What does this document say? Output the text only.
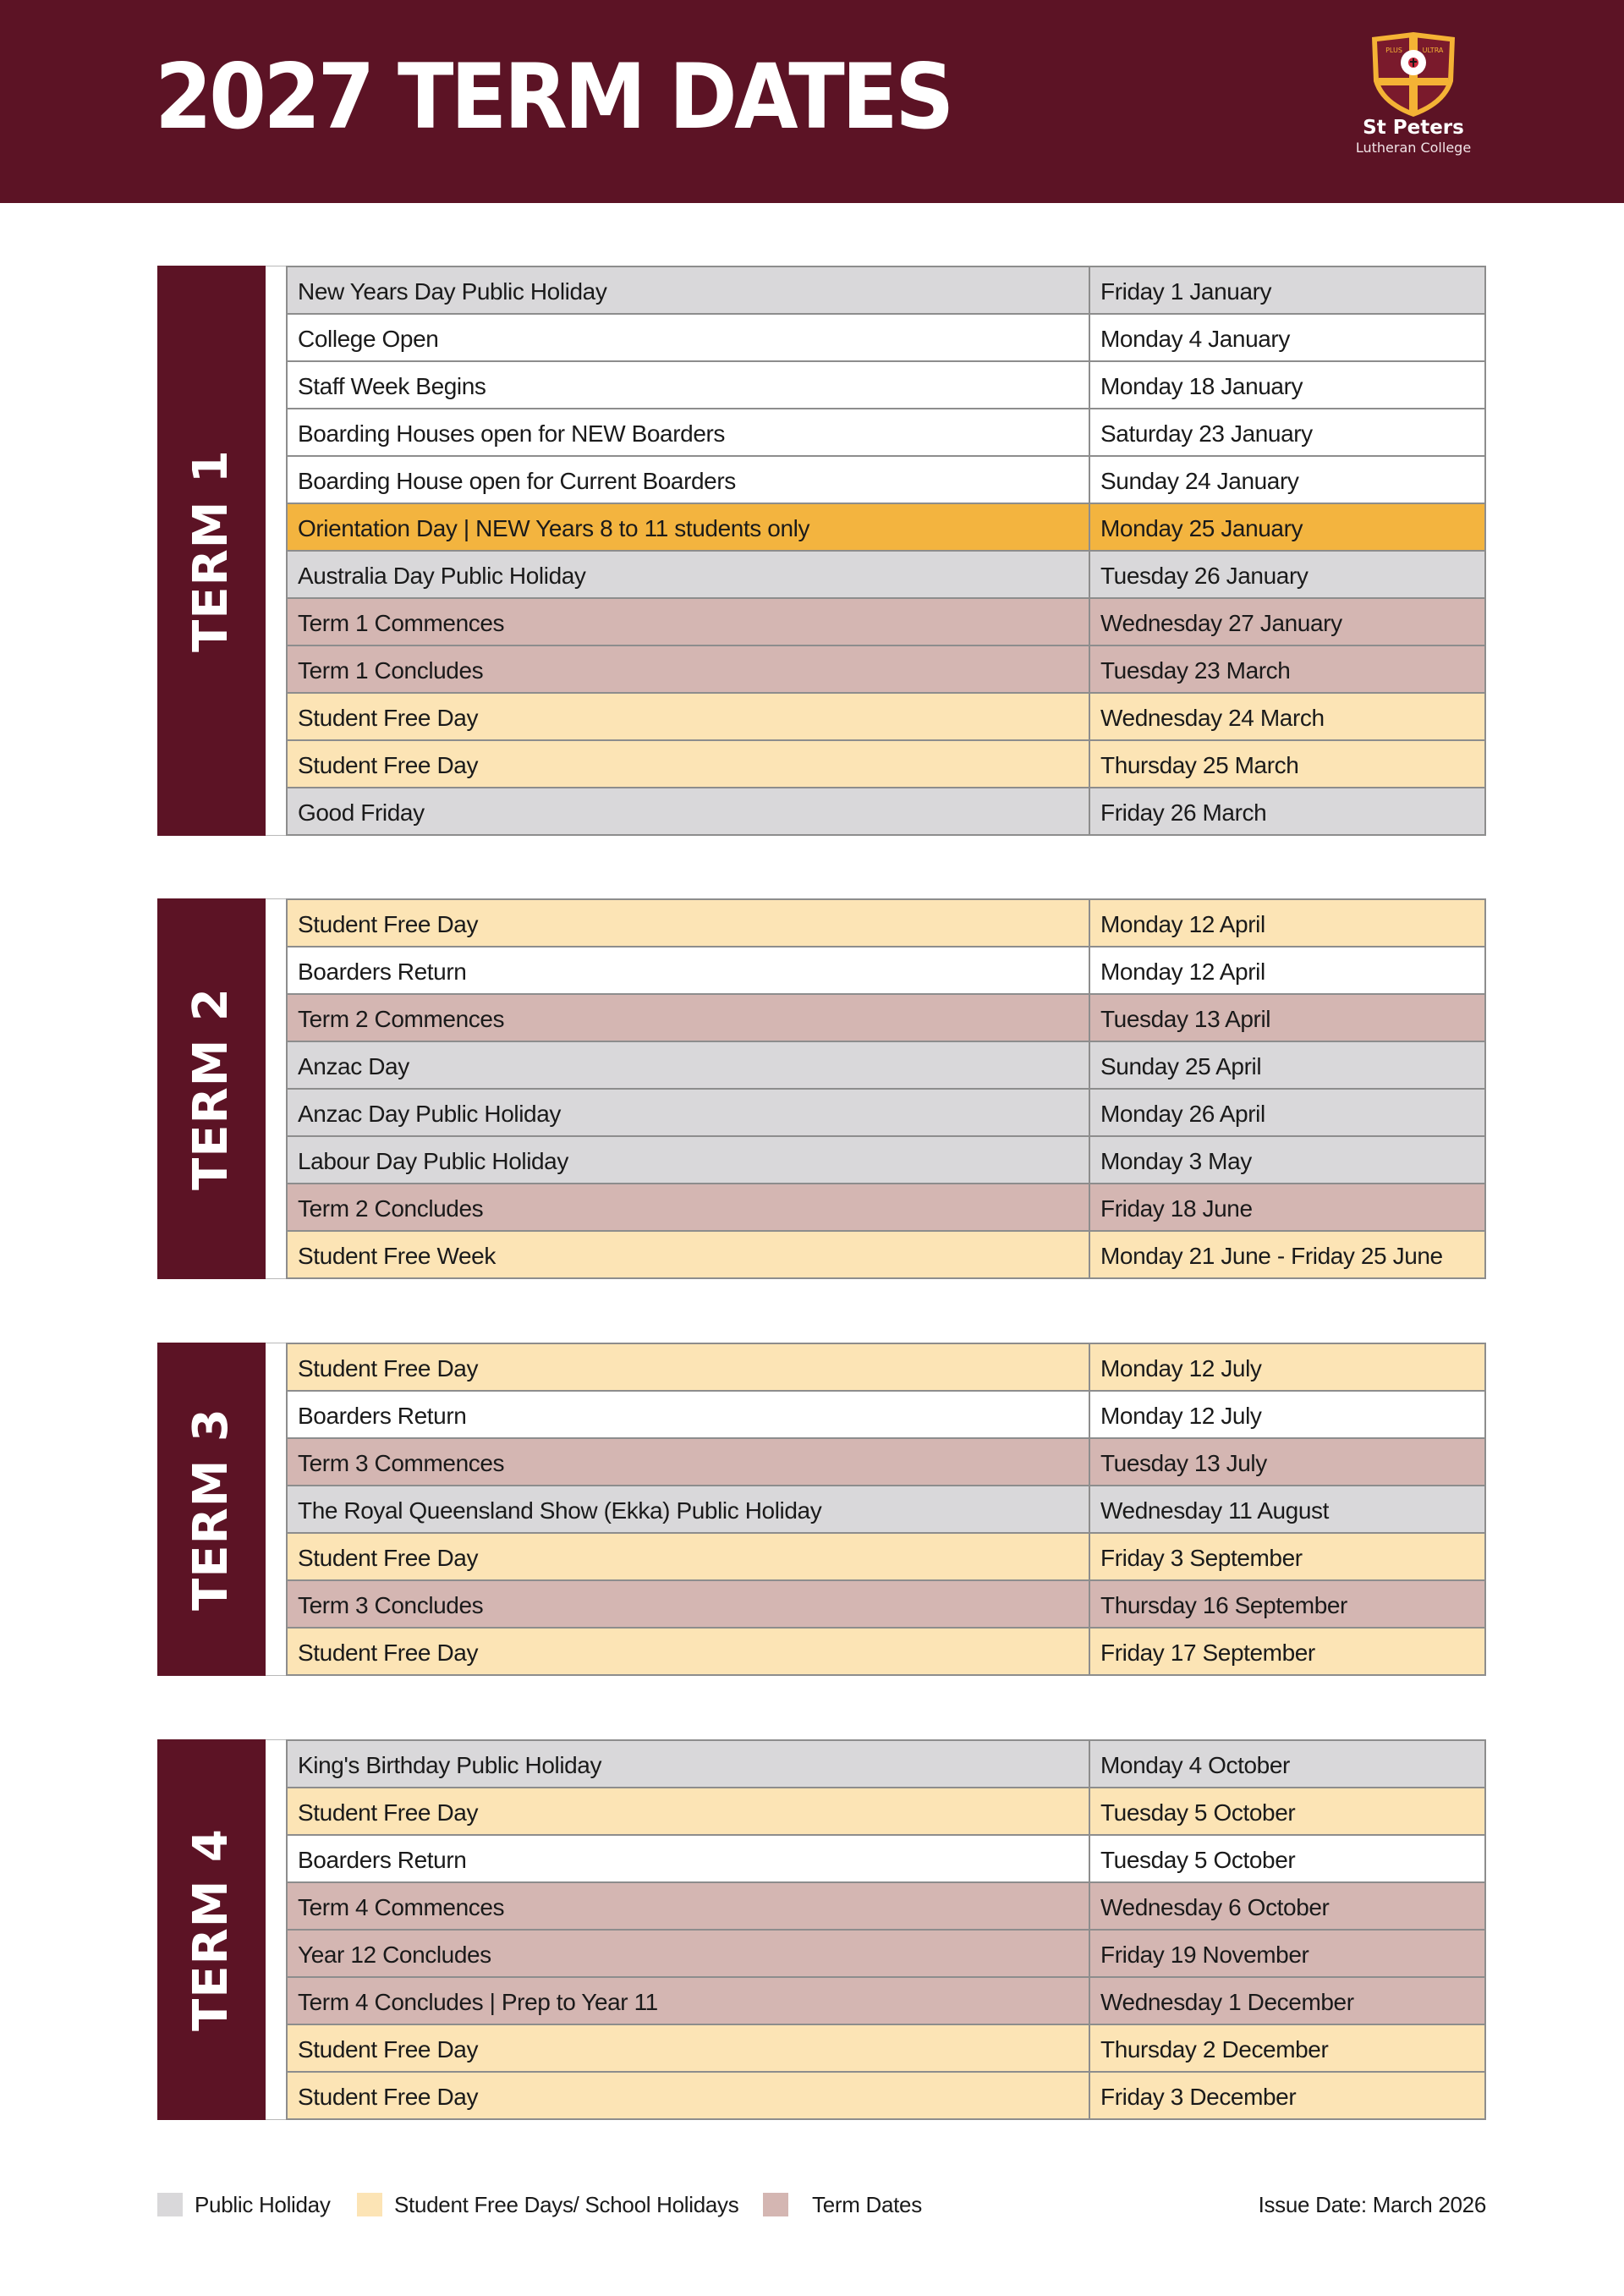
2027 TERM DATES	PLUS	ULTRA
St Peters
Lutheran College
TERM 1
New Years Day Public Holiday	Friday 1 January
College Open	Monday 4 January
Staff Week Begins	Monday 18 January
Boarding Houses open for NEW Boarders	Saturday 23 January
Boarding House open for Current Boarders	Sunday 24 January
Orientation Day | NEW Years 8 to 11 students only	Monday 25 January
Australia Day Public Holiday	Tuesday 26 January
Term 1 Commences	Wednesday 27 January
Term 1 Concludes	Tuesday 23 March
Student Free Day	Wednesday 24 March
Student Free Day	Thursday 25 March
Good Friday	Friday 26 March
TERM 2
Student Free Day	Monday 12 April
Boarders Return	Monday 12 April
Term 2 Commences	Tuesday 13 April
Anzac Day	Sunday 25 April
Anzac Day Public Holiday	Monday 26 April
Labour Day Public Holiday	Monday 3 May
Term 2 Concludes	Friday 18 June
Student Free Week	Monday 21 June - Friday 25 June
TERM 3
Student Free Day	Monday 12 July
Boarders Return	Monday 12 July
Term 3 Commences	Tuesday 13 July
The Royal Queensland Show (Ekka) Public Holiday	Wednesday 11 August
Student Free Day	Friday 3 September
Term 3 Concludes	Thursday 16 September
Student Free Day	Friday 17 September
TERM 4
King's Birthday Public Holiday	Monday 4 October
Student Free Day	Tuesday 5 October
Boarders Return	Tuesday 5 October
Term 4 Commences	Wednesday 6 October
Year 12 Concludes	Friday 19 November
Term 4 Concludes | Prep to Year 11	Wednesday 1 December
Student Free Day	Thursday 2 December
Student Free Day	Friday 3 December
Public Holiday	Student Free Days/ School Holidays	Term Dates	Issue Date: March 2026
